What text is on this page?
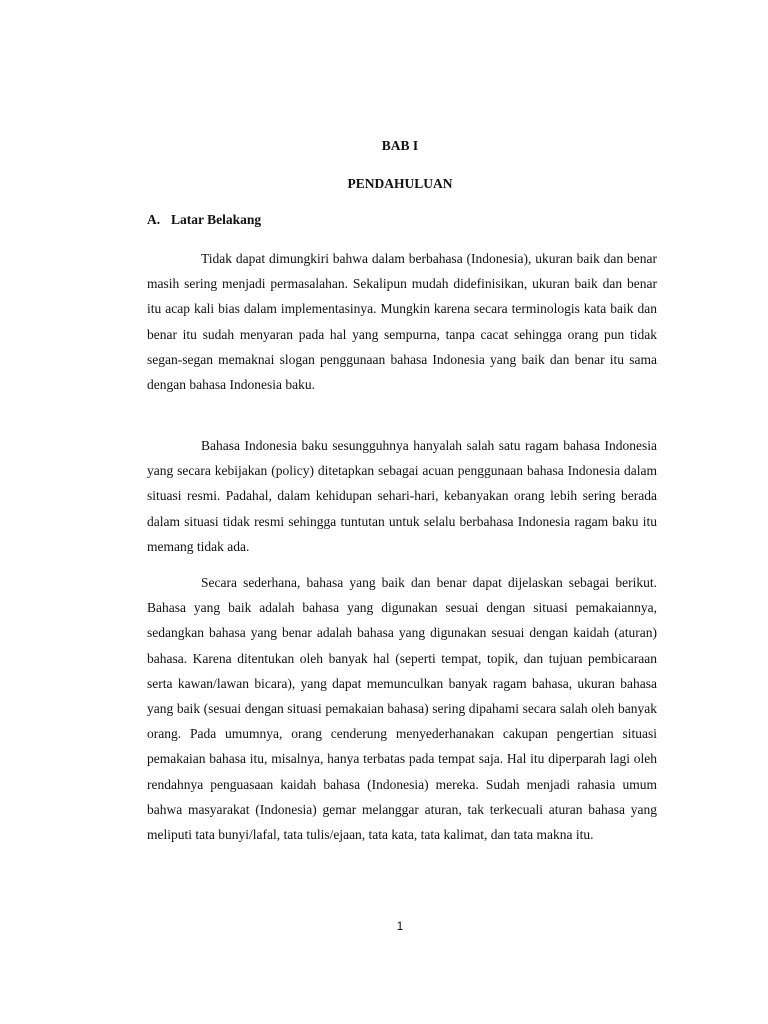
BAB I
PENDAHULUAN
A. Latar Belakang

Tidak dapat dimungkiri bahwa dalam berbahasa (Indonesia), ukuran baik dan benar masih sering menjadi permasalahan. Sekalipun mudah didefinisikan, ukuran baik dan benar itu acap kali bias dalam implementasinya. Mungkin karena secara terminologis kata baik dan benar itu sudah menyaran pada hal yang sempurna, tanpa cacat sehingga orang pun tidak segan-segan memaknai slogan penggunaan bahasa Indonesia yang baik dan benar itu sama dengan bahasa Indonesia baku.

Bahasa Indonesia baku sesungguhnya hanyalah salah satu ragam bahasa Indonesia yang secara kebijakan (policy) ditetapkan sebagai acuan penggunaan bahasa Indonesia dalam situasi resmi. Padahal, dalam kehidupan sehari-hari, kebanyakan orang lebih sering berada dalam situasi tidak resmi sehingga tuntutan untuk selalu berbahasa Indonesia ragam baku itu memang tidak ada.

Secara sederhana, bahasa yang baik dan benar dapat dijelaskan sebagai berikut. Bahasa yang baik adalah bahasa yang digunakan sesuai dengan situasi pemakaiannya, sedangkan bahasa yang benar adalah bahasa yang digunakan sesuai dengan kaidah (aturan) bahasa. Karena ditentukan oleh banyak hal (seperti tempat, topik, dan tujuan pembicaraan serta kawan/lawan bicara), yang dapat memunculkan banyak ragam bahasa, ukuran bahasa yang baik (sesuai dengan situasi pemakaian bahasa) sering dipahami secara salah oleh banyak orang. Pada umumnya, orang cenderung menyederhanakan cakupan pengertian situasi pemakaian bahasa itu, misalnya, hanya terbatas pada tempat saja. Hal itu diperparah lagi oleh rendahnya penguasaan kaidah bahasa (Indonesia) mereka. Sudah menjadi rahasia umum bahwa masyarakat (Indonesia) gemar melanggar aturan, tak terkecuali aturan bahasa yang meliputi tata bunyi/lafal, tata tulis/ejaan, tata kata, tata kalimat, dan tata makna itu.

1
